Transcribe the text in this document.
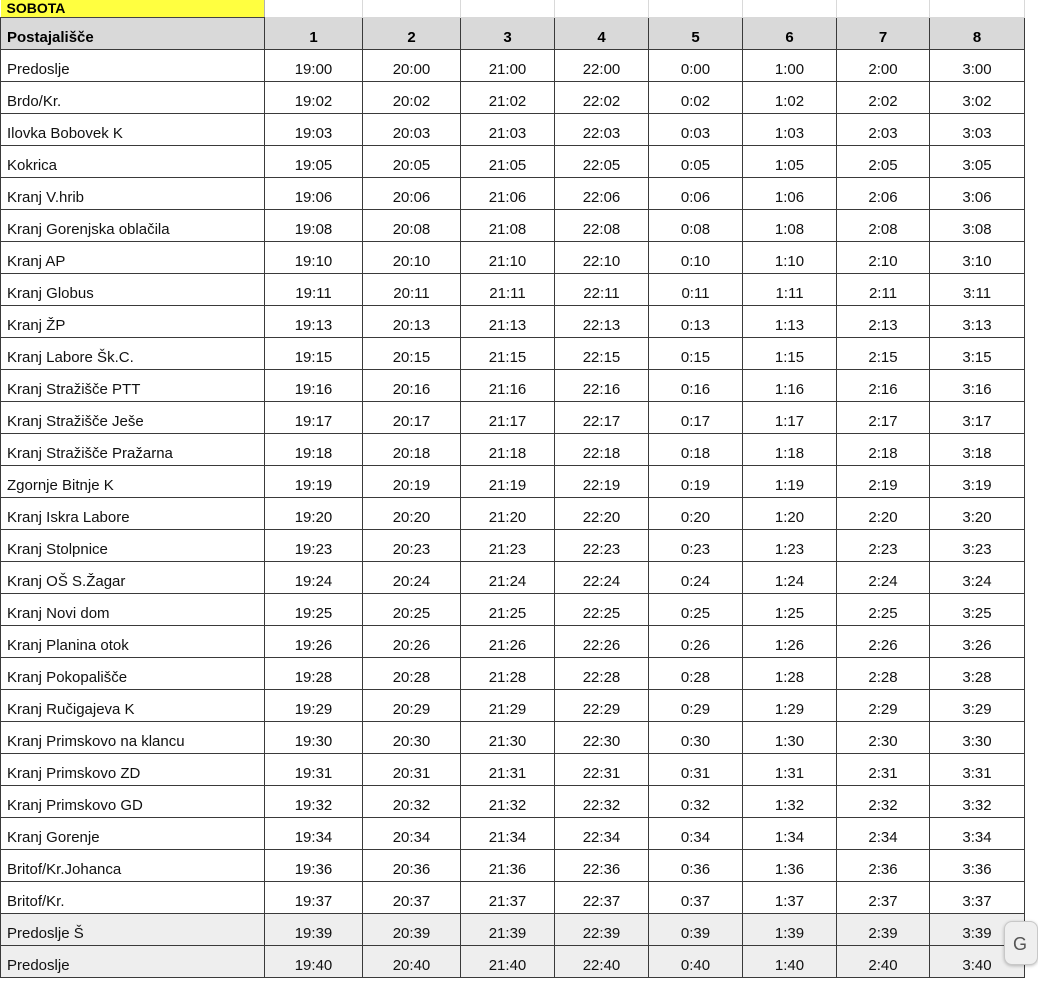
SOBOTA								
Postajališče	1	2	3	4	5	6	7	8
Predoslje	19:00	20:00	21:00	22:00	0:00	1:00	2:00	3:00
Brdo/Kr.	19:02	20:02	21:02	22:02	0:02	1:02	2:02	3:02
Ilovka Bobovek K	19:03	20:03	21:03	22:03	0:03	1:03	2:03	3:03
Kokrica	19:05	20:05	21:05	22:05	0:05	1:05	2:05	3:05
Kranj V.hrib	19:06	20:06	21:06	22:06	0:06	1:06	2:06	3:06
Kranj Gorenjska oblačila	19:08	20:08	21:08	22:08	0:08	1:08	2:08	3:08
Kranj AP	19:10	20:10	21:10	22:10	0:10	1:10	2:10	3:10
Kranj Globus	19:11	20:11	21:11	22:11	0:11	1:11	2:11	3:11
Kranj ŽP	19:13	20:13	21:13	22:13	0:13	1:13	2:13	3:13
Kranj Labore Šk.C.	19:15	20:15	21:15	22:15	0:15	1:15	2:15	3:15
Kranj Stražišče PTT	19:16	20:16	21:16	22:16	0:16	1:16	2:16	3:16
Kranj Stražišče Ješe	19:17	20:17	21:17	22:17	0:17	1:17	2:17	3:17
Kranj Stražišče Pražarna	19:18	20:18	21:18	22:18	0:18	1:18	2:18	3:18
Zgornje Bitnje K	19:19	20:19	21:19	22:19	0:19	1:19	2:19	3:19
Kranj Iskra Labore	19:20	20:20	21:20	22:20	0:20	1:20	2:20	3:20
Kranj Stolpnice	19:23	20:23	21:23	22:23	0:23	1:23	2:23	3:23
Kranj OŠ S.Žagar	19:24	20:24	21:24	22:24	0:24	1:24	2:24	3:24
Kranj Novi dom	19:25	20:25	21:25	22:25	0:25	1:25	2:25	3:25
Kranj Planina otok	19:26	20:26	21:26	22:26	0:26	1:26	2:26	3:26
Kranj Pokopališče	19:28	20:28	21:28	22:28	0:28	1:28	2:28	3:28
Kranj Ručigajeva K	19:29	20:29	21:29	22:29	0:29	1:29	2:29	3:29
Kranj Primskovo na klancu	19:30	20:30	21:30	22:30	0:30	1:30	2:30	3:30
Kranj Primskovo ZD	19:31	20:31	21:31	22:31	0:31	1:31	2:31	3:31
Kranj Primskovo GD	19:32	20:32	21:32	22:32	0:32	1:32	2:32	3:32
Kranj Gorenje	19:34	20:34	21:34	22:34	0:34	1:34	2:34	3:34
Britof/Kr.Johanca	19:36	20:36	21:36	22:36	0:36	1:36	2:36	3:36
Britof/Kr.	19:37	20:37	21:37	22:37	0:37	1:37	2:37	3:37
Predoslje Š	19:39	20:39	21:39	22:39	0:39	1:39	2:39	3:39
Predoslje	19:40	20:40	21:40	22:40	0:40	1:40	2:40	3:40
G
